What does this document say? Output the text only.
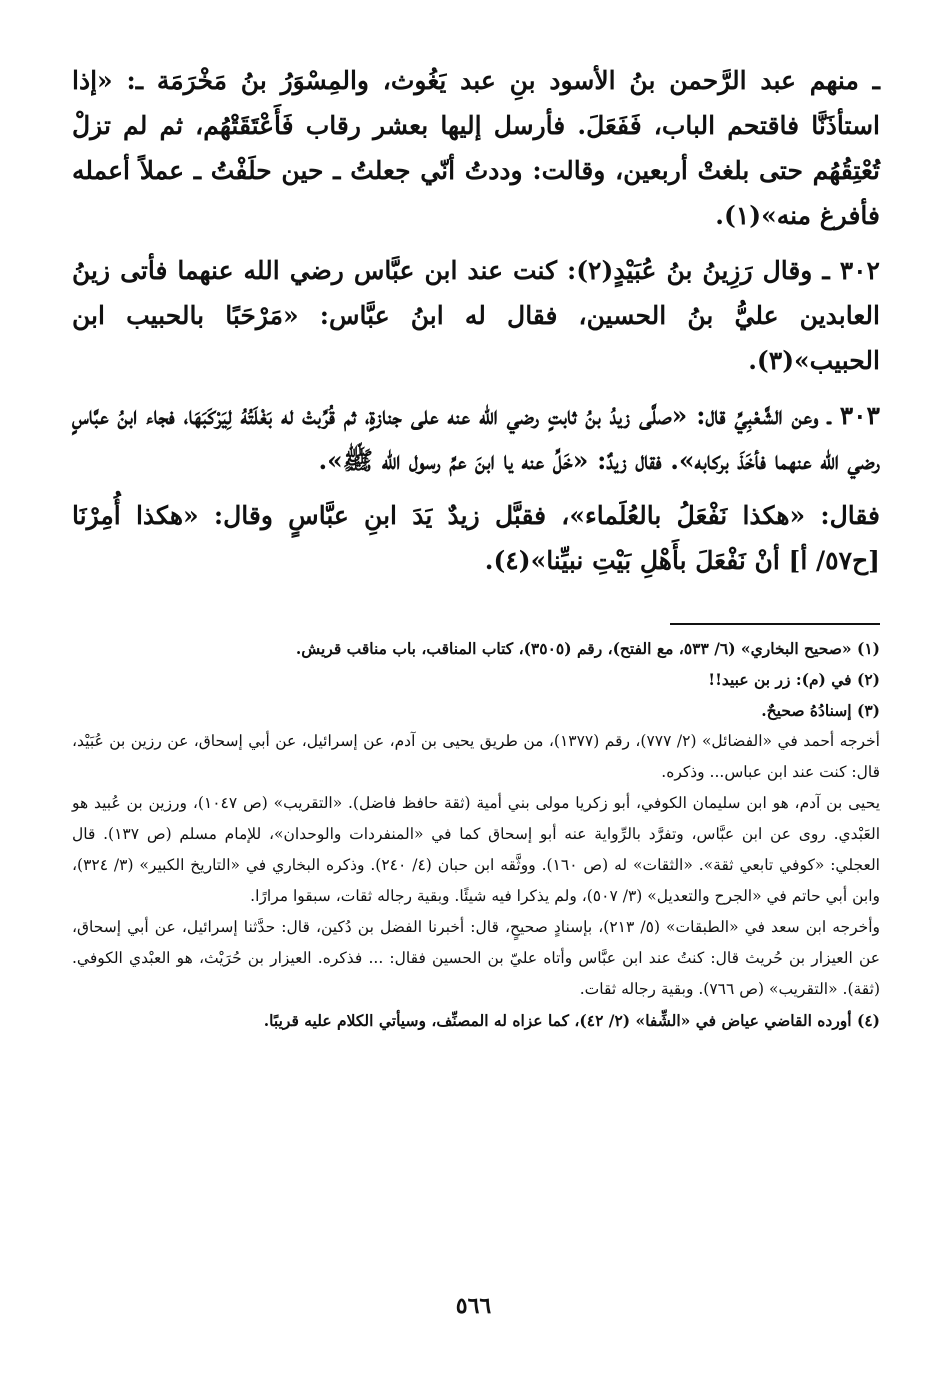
ـ منهم عبد الرَّحمن بنُ الأسود بنِ عبد يَغُوث، والمِسْوَرُ بنُ مَخْرَمَة ـ: «إذا استأذَنَّا فاقتحم الباب، فَفَعَلَ. فأرسل إليها بعشر رقاب فَأَعْتَقَتْهُم، ثم لم تزلْ تُعْتِقُهُم حتى بلغتْ أربعين، وقالت: وددتُ أنّي جعلتُ ـ حين حلَفْتُ ـ عملاً أعمله فأفرغ منه»(١).

٣٠٢ ـ وقال رَزِينُ بنُ عُبَيْدٍ(٢): كنت عند ابن عبَّاس رضي الله عنهما فأتى زينُ العابدين عليُّ بنُ الحسين، فقال له ابنُ عبَّاس: «مَرْحَبًا بالحبيب ابن الحبيب»(٣).

٣٠٣ ـ وعن الشَّعْبِيِّ قال: «صلَّى زيدُ بنُ ثابتٍ رضي الله عنه على جنازةٍ، ثم قُرِّبتْ له بَغْلَتُهُ لِيَرْكَبَهَا، فجاء ابنُ عبَّاسٍ رضي الله عنهما فأخَذَ بركابه». فقال زيدٌ: «خَلِّ عنه يا ابنَ عمِّ رسول الله ﷺ».

فقال: «هكذا نَفْعَلُ بالعُلَماء»، فقبَّل زيدٌ يَدَ ابنِ عبَّاسٍ وقال: «هكذا أُمِرْنَا [ح٥٧/ أ] أنْ نَفْعَلَ بأَهْلِ بَيْتِ نبيِّنا»(٤).

(١) «صحيح البخاري» (٦/ ٥٣٣، مع الفتح)، رقم (٣٥٠٥)، كتاب المناقب، باب مناقب قريش.

(٢) في (م): زر بن عبيد!!

(٣) إسنادُهُ صحيحٌ.

أخرجه أحمد في «الفضائل» (٢/ ٧٧٧)، رقم (١٣٧٧)، من طريق يحيى بن آدم، عن إسرائيل، عن أبي إسحاق، عن رزين بن عُبَيْد، قال: كنت عند ابن عباس... وذكره.

يحيى بن آدم، هو ابن سليمان الكوفي، أبو زكريا مولى بني أمية (ثقة حافظ فاضل). «التقريب» (ص ١٠٤٧)، ورزين بن عُبيد هو العَبْدي. روى عن ابن عبَّاس، وتفرَّد بالرِّواية عنه أبو إسحاق كما في «المنفردات والوحدان»، للإمام مسلم (ص ١٣٧). قال العجلي: «كوفي تابعي ثقة». «الثقات» له (ص ١٦٠). ووثَّقه ابن حبان (٤/ ٢٤٠). وذكره البخاري في «التاريخ الكبير» (٣/ ٣٢٤)، وابن أبي حاتم في «الجرح والتعديل» (٣/ ٥٠٧)، ولم يذكرا فيه شيئًا. وبقية رجاله ثقات، سبقوا مرارًا.

وأخرجه ابن سعد في «الطبقات» (٥/ ٢١٣)، بإسنادٍ صحيحٍ، قال: أخبرنا الفضل بن دُكين، قال: حدَّثنا إسرائيل، عن أبي إسحاق، عن العيزار بن حُريث قال: كنتُ عند ابن عبَّاس وأتاه عليّ بن الحسين فقال: ... فذكره. العيزار بن حُرَيْث، هو العبْدي الكوفي. (ثقة). «التقريب» (ص ٧٦٦). وبقية رجاله ثقات.

(٤) أورده القاضي عياض في «الشِّفا» (٢/ ٤٢)، كما عزاه له المصنِّف، وسيأتي الكلام عليه قريبًا.

٥٦٦
